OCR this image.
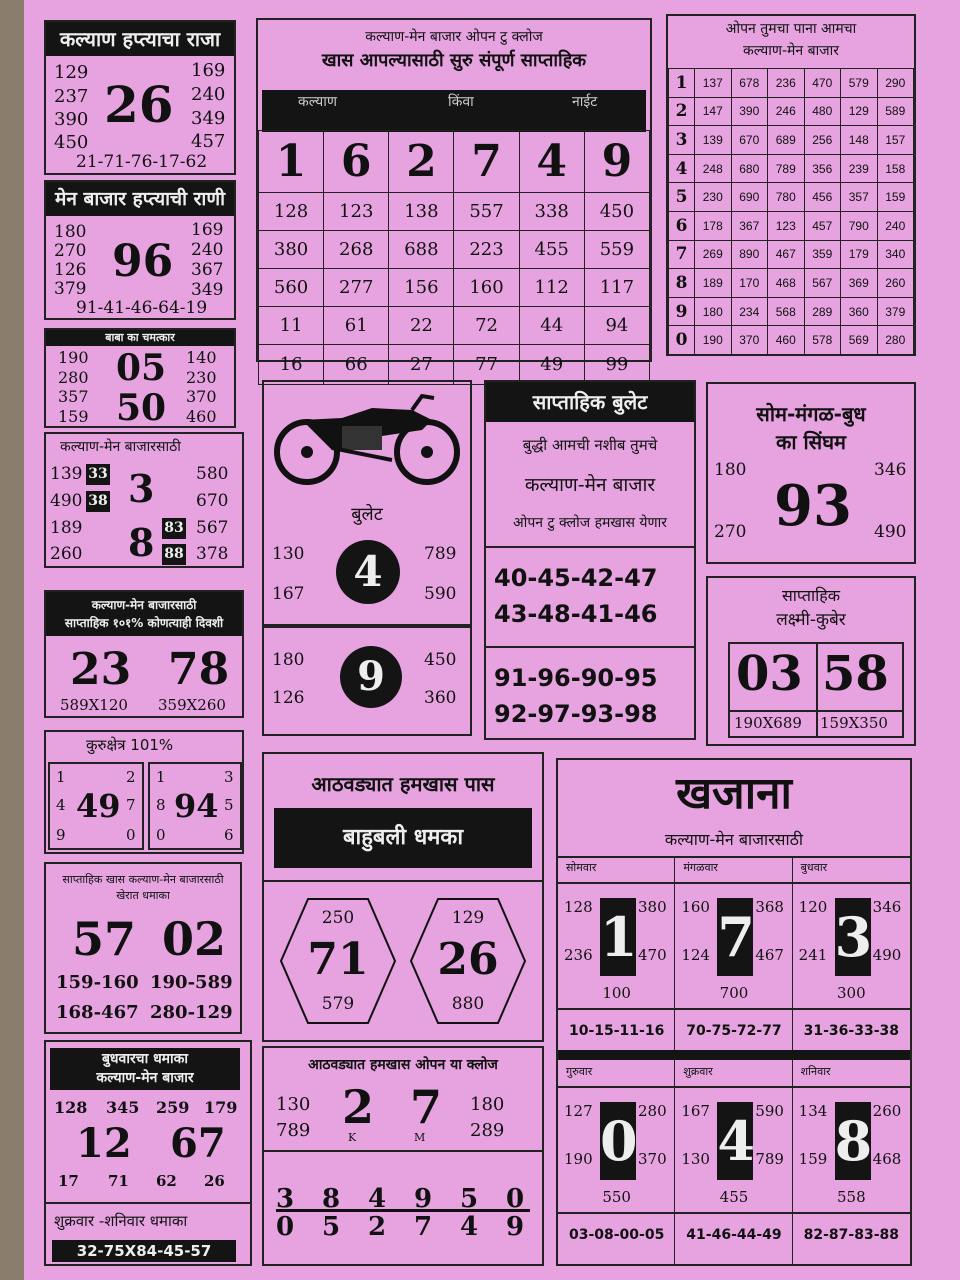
कल्याण हप्त्याचा राजा
129
237
390
450
169
240
349
457
26
21-71-76-17-62
मेन बाजार हप्त्याची राणी
180
270
126
379
169
240
367
349
96
91-41-46-64-19
बाबा का चमत्कार
190
280
357
159
140
230
370
460
05
50
कल्याण-मेन बाजारसाठी
139 33	580
490 38	670
189	83 567
260	88 378
3
8
कल्याण-मेन बाजारसाठी
साप्ताहिक १०१% कोणत्याही दिवशी
23 78
589X120 359X260
कुरुक्षेत्र 101%
1	2
4	7
9	0
49
1	3
8	5
0	6
94
साप्ताहिक खास कल्याण-मेन बाजारसाठी
खेरात धमाका
57 02
159-160 190-589
168-467 280-129
बुधवारचा धमाका
कल्याण-मेन बाजार
128 345 259 179
12 67
17 71 62 26
शुक्रवार -शनिवार धमाका
32-75X84-45-57
कल्याण-मेन बाजार ओपन टु क्लोज
खास आपल्यासाठी सुरु संपूर्ण साप्ताहिक
कल्याण	किंवा	नाईट
1	6	2	7	4	9
128	123	138	557	338	450
380	268	688	223	455	559
560	277	156	160	112	117
11	61	22	72	44	94
16	66	27	77	49	99
ओपन तुमचा पाना आमचा
कल्याण-मेन बाजार
1	137	678	236	470	579	290
2	147	390	246	480	129	589
3	139	670	689	256	148	157
4	248	680	789	356	239	158
5	230	690	780	456	357	159
6	178	367	123	457	790	240
7	269	890	467	359	179	340
8	189	170	468	567	369	260
9	180	234	568	289	360	379
0	190	370	460	578	569	280
बुलेट
130
167
789
590
4
180
126
450
360
9
साप्ताहिक बुलेट
बुद्धी आमची नशीब तुमचे
कल्याण-मेन बाजार
ओपन टु क्लोज हमखास येणार
40-45-42-47
43-48-41-46
91-96-90-95
92-97-93-98
सोम-मंगळ-बुध
का सिंघम
180
270
346
490
93
साप्ताहिक
लक्ष्मी-कुबेर
03 58
190X689 159X350
आठवड्यात हमखास पास
बाहुबली धमका
250
71
579
129
26
880
आठवड्यात हमखास ओपन या क्लोज
130
789
180
289
2 7
K	M
3 8 4 9 5 0
0 5 2 7 4 9
खजाना
कल्याण-मेन बाजारसाठी
सोमवार
128
236
380
470
1
100
10-15-11-16
मंगळवार
160
124
368
467
7
700
70-75-72-77
बुधवार
120
241
346
490
3
300
31-36-33-38
गुरुवार
127
190
280
370
0
550
03-08-00-05
शुक्रवार
167
130
590
789
4
455
41-46-44-49
शनिवार
134
159
260
468
8
558
82-87-83-88
